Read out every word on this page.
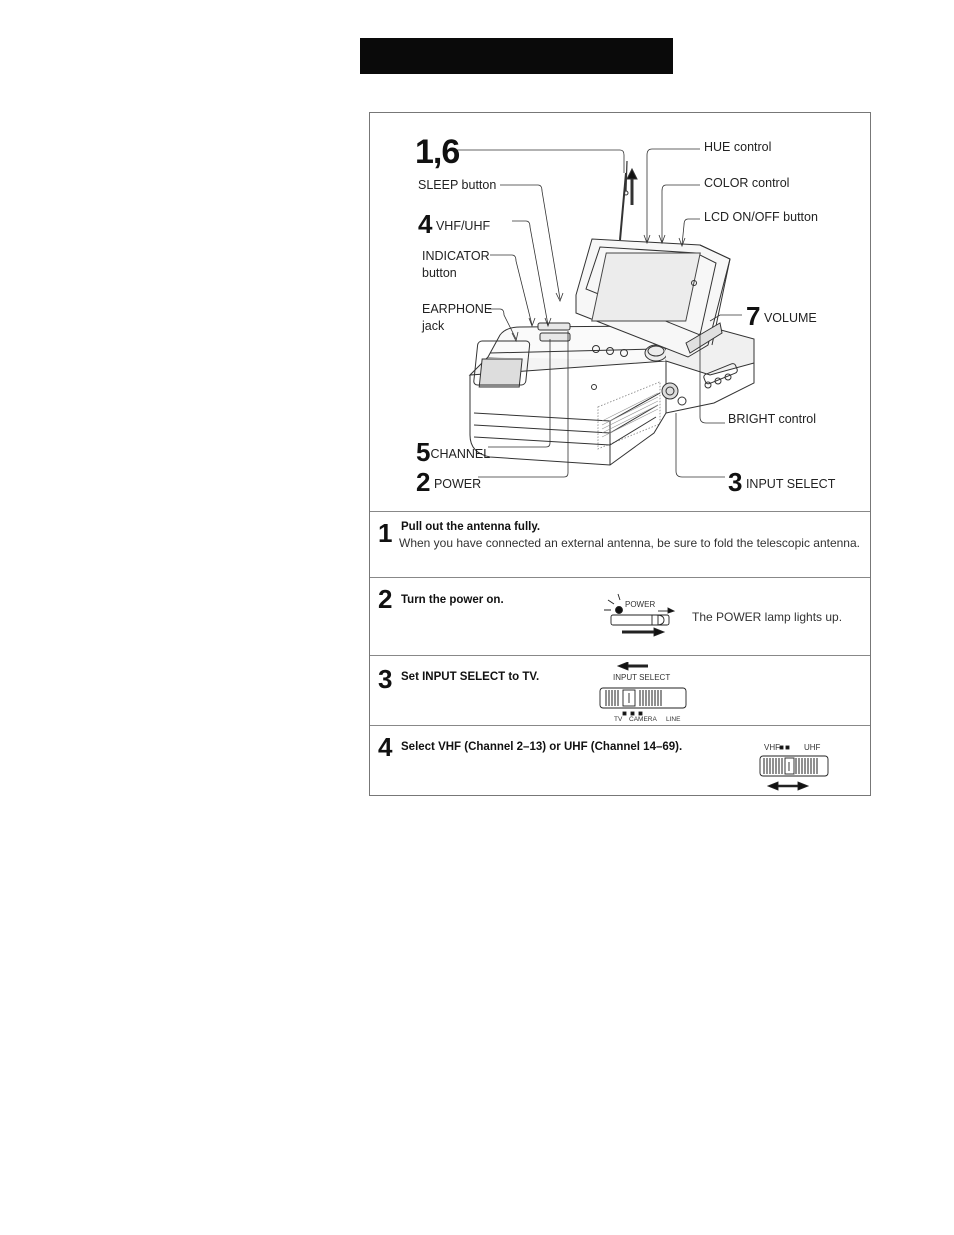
1,6
SLEEP button
4 VHF/UHF
INDICATOR
button
EARPHONE
jack
5CHANNEL
2 POWER
HUE control
COLOR control
LCD ON/OFF button
7 VOLUME
BRIGHT control
3 INPUT SELECT
1 Pull out the antenna fully.
When you have connected an external antenna, be sure to fold the telescopic antenna.
2 Turn the power on.	POWER
The POWER lamp lights up.
3 Set INPUT SELECT to TV.	INPUT SELECT
TV CAMERA LINE
4 Select VHF (Channel 2–13) or UHF (Channel 14–69).	VHF	UHF
